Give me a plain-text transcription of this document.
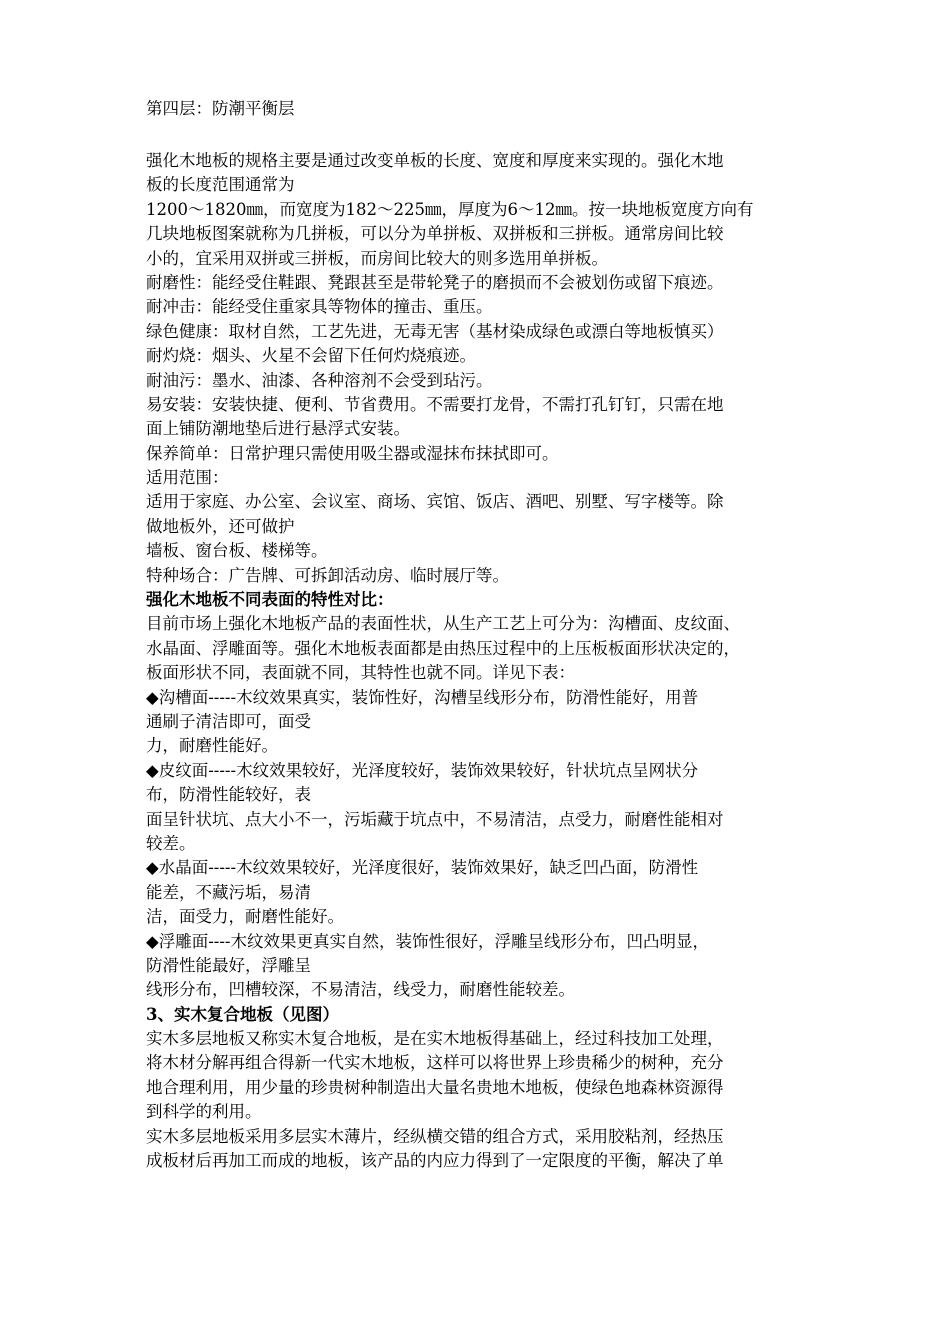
第四层：防潮平衡层
强化木地板的规格主要是通过改变单板的长度、宽度和厚度来实现的。强化木地
板的长度范围通常为
1200～1820㎜，而宽度为182～225㎜，厚度为6～12㎜。按一块地板宽度方向有
几块地板图案就称为几拼板，可以分为单拼板、双拼板和三拼板。通常房间比较
小的，宜采用双拼或三拼板，而房间比较大的则多选用单拼板。
耐磨性：能经受住鞋跟、凳跟甚至是带轮凳子的磨损而不会被划伤或留下痕迹。
耐冲击：能经受住重家具等物体的撞击、重压。
绿色健康：取材自然，工艺先进，无毒无害（基材染成绿色或漂白等地板慎买）
耐灼烧：烟头、火星不会留下任何灼烧痕迹。
耐油污：墨水、油漆、各种溶剂不会受到玷污。
易安装：安装快捷、便利、节省费用。不需要打龙骨，不需打孔钉钉，只需在地
面上铺防潮地垫后进行悬浮式安装。
保养简单：日常护理只需使用吸尘器或湿抹布抹拭即可。
适用范围：
适用于家庭、办公室、会议室、商场、宾馆、饭店、酒吧、别墅、写字楼等。除
做地板外，还可做护
墙板、窗台板、楼梯等。
特种场合：广告牌、可拆卸活动房、临时展厅等。
强化木地板不同表面的特性对比：
目前市场上强化木地板产品的表面性状，从生产工艺上可分为：沟槽面、皮纹面、
水晶面、浮雕面等。强化木地板表面都是由热压过程中的上压板板面形状决定的，
板面形状不同，表面就不同，其特性也就不同。详见下表：
◆沟槽面-----木纹效果真实，装饰性好，沟槽呈线形分布，防滑性能好，用普
通刷子清洁即可，面受
力，耐磨性能好。
◆皮纹面-----木纹效果较好，光泽度较好，装饰效果较好，针状坑点呈网状分
布，防滑性能较好，表
面呈针状坑、点大小不一，污垢藏于坑点中，不易清洁，点受力，耐磨性能相对
较差。
◆水晶面-----木纹效果较好，光泽度很好，装饰效果好，缺乏凹凸面，防滑性
能差，不藏污垢，易清
洁，面受力，耐磨性能好。
◆浮雕面----木纹效果更真实自然，装饰性很好，浮雕呈线形分布，凹凸明显，
防滑性能最好，浮雕呈
线形分布，凹槽较深，不易清洁，线受力，耐磨性能较差。
3、实木复合地板（见图）
实木多层地板又称实木复合地板，是在实木地板得基础上，经过科技加工处理，
将木材分解再组合得新一代实木地板，这样可以将世界上珍贵稀少的树种，充分
地合理利用，用少量的珍贵树种制造出大量名贵地木地板，使绿色地森林资源得
到科学的利用。
实木多层地板采用多层实木薄片，经纵横交错的组合方式，采用胶粘剂，经热压
成板材后再加工而成的地板，该产品的内应力得到了一定限度的平衡，解决了单
